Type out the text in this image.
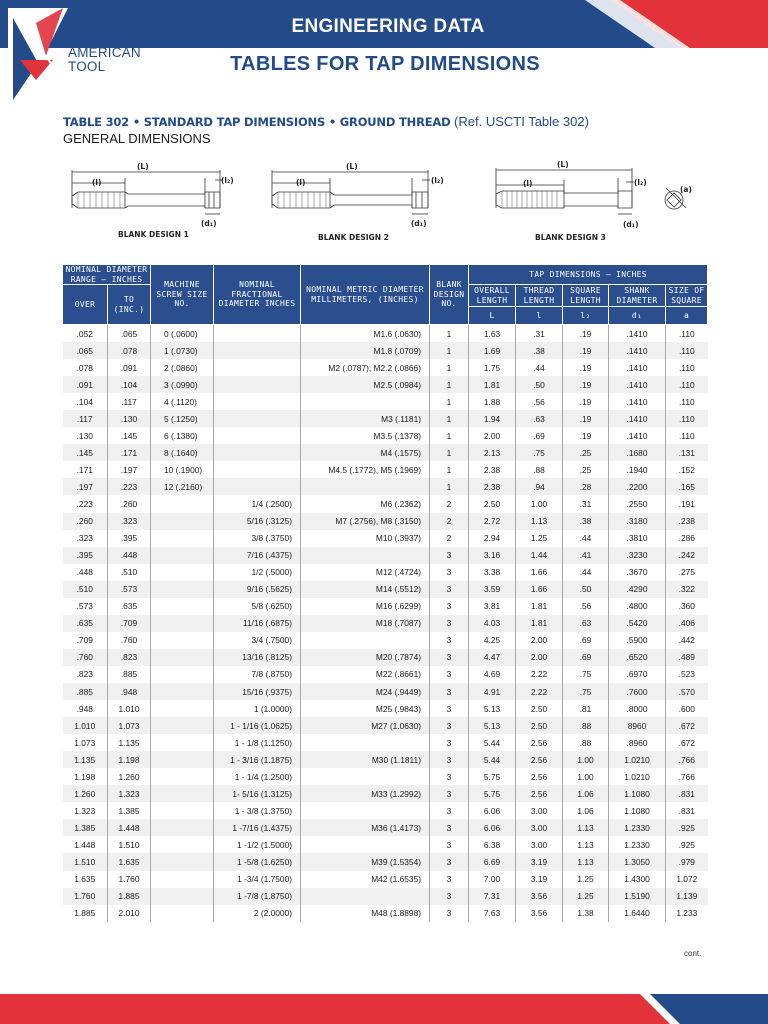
NORTH
AMERICAN
TOOL
ENGINEERING DATA
TABLES FOR TAP DIMENSIONS
TABLE 302 • STANDARD TAP DIMENSIONS • GROUND THREAD (Ref. USCTI Table 302)
GENERAL DIMENSIONS
(L)
(l)	(l₂)
(d₁)
BLANK DESIGN 1
(L)
(l)	(l₂)
(d₁)
BLANK DESIGN 2
(L)
(l)	(l₂)
(d₁)
(a)
BLANK DESIGN 3
NOMINAL DIAMETER RANGE – INCHES		MACHINE SCREW SIZE NO.	NOMINAL FRACTIONAL DIAMETER INCHES	NOMINAL METRIC DIAMETER MILLIMETERS, (INCHES)	BLANK DESIGN NO.	TAP DIMENSIONS – INCHES				
OVER	TO (INC.)					OVERALL LENGTH	THREAD LENGTH	SQUARE LENGTH	SHANK DIAMETER	SIZE OF SQUARE
						L	l	l₂	d₁	a
.052	.065	0 (.0600)		M1.6 (.0630)	1	1.63	.31	.19	.1410	.110
.065	.078	1 (.0730)		M1.8 (.0709)	1	1.69	.38	.19	.1410	.110
.078	.091	2 (.0860)		M2 (.0787), M2.2 (.0866)	1	1.75	.44	.19	.1410	.110
.091	.104	3 (.0990)		M2.5 (.0984)	1	1.81	.50	.19	.1410	.110
.104	.117	4 (.1120)			1	1.88	.56	.19	.1410	.110
.117	.130	5 (.1250)		M3 (.1181)	1	1.94	.63	.19	.1410	.110
.130	.145	6 (.1380)		M3.5 (.1378)	1	2.00	.69	.19	.1410	.110
.145	.171	8 (.1640)		M4 (.1575)	1	2.13	.75	.25	.1680	.131
.171	.197	10 (.1900)		M4.5 (.1772), M5 (.1969)	1	2.38	.88	.25	.1940	.152
.197	.223	12 (.2160)			1	2.38	.94	.28	.2200	.165
.223	.260		1/4 (.2500)	M6 (.2362)	2	2.50	1.00	.31	.2550	.191
.260	.323		5/16 (.3125)	M7 (.2756), M8 (.3150)	2	2.72	1.13	.38	.3180	.238
.323	.395		3/8 (.3750)	M10 (.3937)	2	2.94	1.25	.44	.3810	.286
.395	.448		7/16 (.4375)		3	3.16	1.44	.41	.3230	.242
.448	.510		1/2 (.5000)	M12 (.4724)	3	3.38	1.66	.44	.3670	.275
.510	.573		9/16 (.5625)	M14 (.5512)	3	3.59	1.66	.50	.4290	.322
.573	.635		5/8 (.6250)	M16 (.6299)	3	3.81	1.81	.56	.4800	.360
.635	.709		11/16 (.6875)	M18 (.7087)	3	4.03	1.81	.63	.5420	.406
.709	.760		3/4 (.7500)		3	4.25	2.00	.69	.5900	.442
.760	.823		13/16 (.8125)	M20 (.7874)	3	4.47	2.00	.69	.6520	.489
.823	.885		7/8 (.8750)	M22 (.8661)	3	4.69	2.22	.75	.6970	.523
.885	.948		15/16 (.9375)	M24 (.9449)	3	4.91	2.22	.75	.7600	.570
.948	1.010		1 (1.0000)	M25 (.9843)	3	5.13	2.50	.81	.8000	.600
1.010	1.073		1 - 1/16 (1.0625)	M27 (1.0630)	3	5.13	2.50	.88	8960	.672
1.073	1.135		1 - 1/8 (1.1250)		3	5.44	2.56	.88	.8960	.672
1.135	1.198		1 - 3/16 (1.1875)	M30 (1.1811)	3	5.44	2.56	1.00	1.0210	.766
1.198	1.260		1 - 1/4 (1.2500)		3	5.75	2.56	1.00	1.0210	.766
1.260	1.323		1- 5/16 (1.3125)	M33 (1.2992)	3	5.75	2.56	1.06	1.1080	.831
1.323	1.385		1 - 3/8 (1.3750)		3	6.06	3.00	1.06	1.1080	.831
1.385	1.448		1 -7/16 (1.4375)	M36 (1.4173)	3	6.06	3.00	1.13	1.2330	.925
1.448	1.510		1 -1/2 (1.5000)		3	6.38	3.00	1.13	1.2330	.925
1.510	1.635		1 -5/8 (1.6250)	M39 (1.5354)	3	6.69	3.19	1.13	1.3050	.979
1.635	1.760		1 -3/4 (1.7500)	M42 (1.6535)	3	7.00	3.19	1.25	1.4300	1.072
1.760	1.885		1 -7/8 (1.8750)		3	7.31	3.56	1.25	1.5190	1.139
1.885	2.010		2 (2.0000)	M48 (1.8898)	3	7.63	3.56	1.38	1.6440	1.233
cont.
